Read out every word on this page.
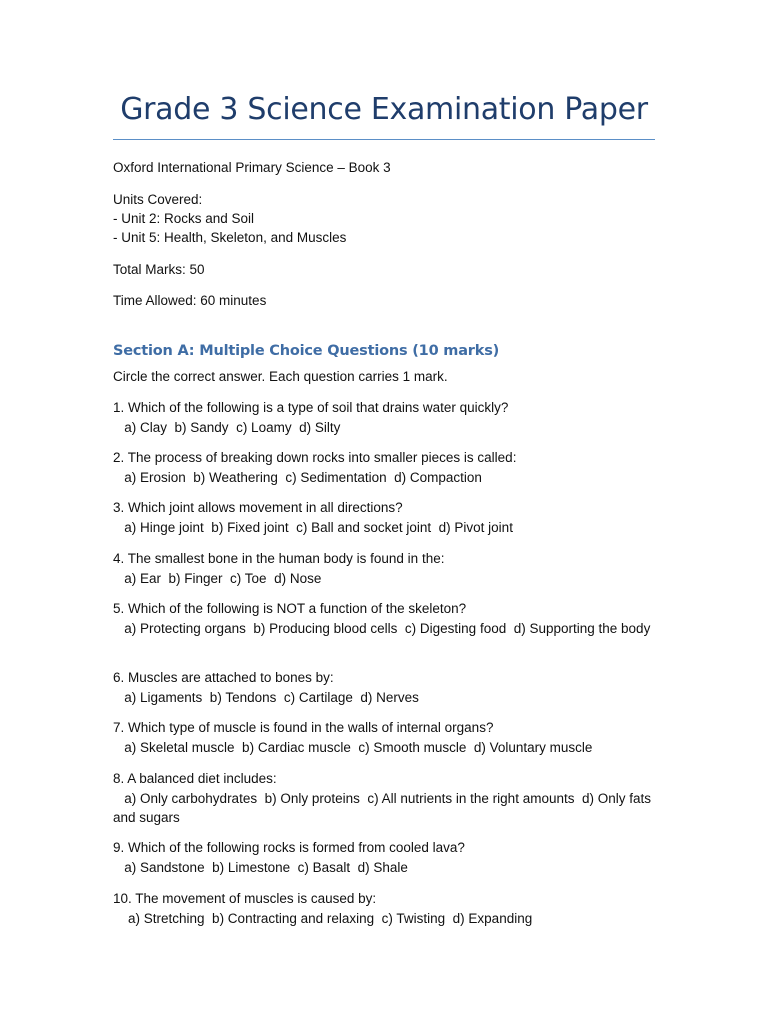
Grade 3 Science Examination Paper
Oxford International Primary Science – Book 3
Units Covered:
- Unit 2: Rocks and Soil
- Unit 5: Health, Skeleton, and Muscles
Total Marks: 50
Time Allowed: 60 minutes
Section A: Multiple Choice Questions (10 marks)
Circle the correct answer. Each question carries 1 mark.
1. Which of the following is a type of soil that drains water quickly?
a) Clay  b) Sandy  c) Loamy  d) Silty
2. The process of breaking down rocks into smaller pieces is called:
a) Erosion  b) Weathering  c) Sedimentation  d) Compaction
3. Which joint allows movement in all directions?
a) Hinge joint  b) Fixed joint  c) Ball and socket joint  d) Pivot joint
4. The smallest bone in the human body is found in the:
a) Ear  b) Finger  c) Toe  d) Nose
5. Which of the following is NOT a function of the skeleton?
a) Protecting organs  b) Producing blood cells  c) Digesting food  d) Supporting the body
6. Muscles are attached to bones by:
a) Ligaments  b) Tendons  c) Cartilage  d) Nerves
7. Which type of muscle is found in the walls of internal organs?
a) Skeletal muscle  b) Cardiac muscle  c) Smooth muscle  d) Voluntary muscle
8. A balanced diet includes:
a) Only carbohydrates  b) Only proteins  c) All nutrients in the right amounts  d) Only fats and sugars
9. Which of the following rocks is formed from cooled lava?
a) Sandstone  b) Limestone  c) Basalt  d) Shale
10. The movement of muscles is caused by:
a) Stretching  b) Contracting and relaxing  c) Twisting  d) Expanding
